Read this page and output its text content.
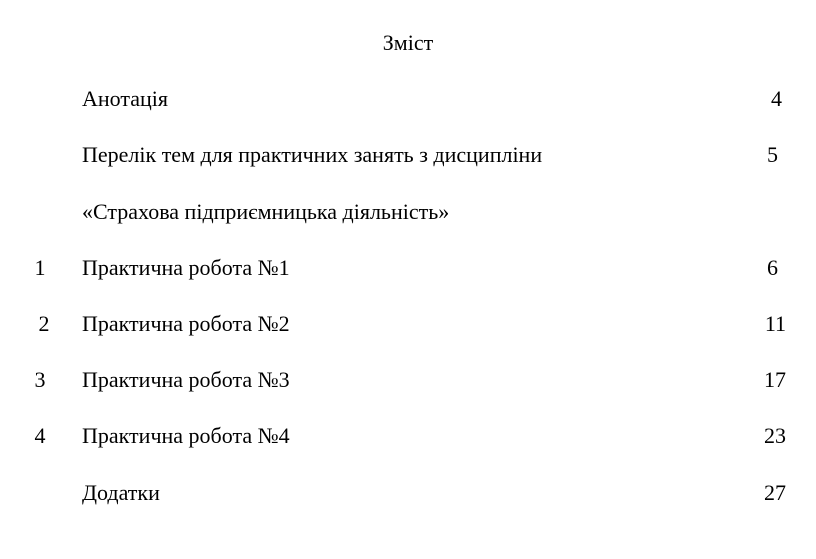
Зміст
Анотація	4
Перелік тем для практичних занять з дисципліни	5
«Страхова підприємницька діяльність»
1 Практична робота №1	6
2 Практична робота №2	11
3 Практична робота №3	17
4 Практична робота №4	23
Додатки	27
